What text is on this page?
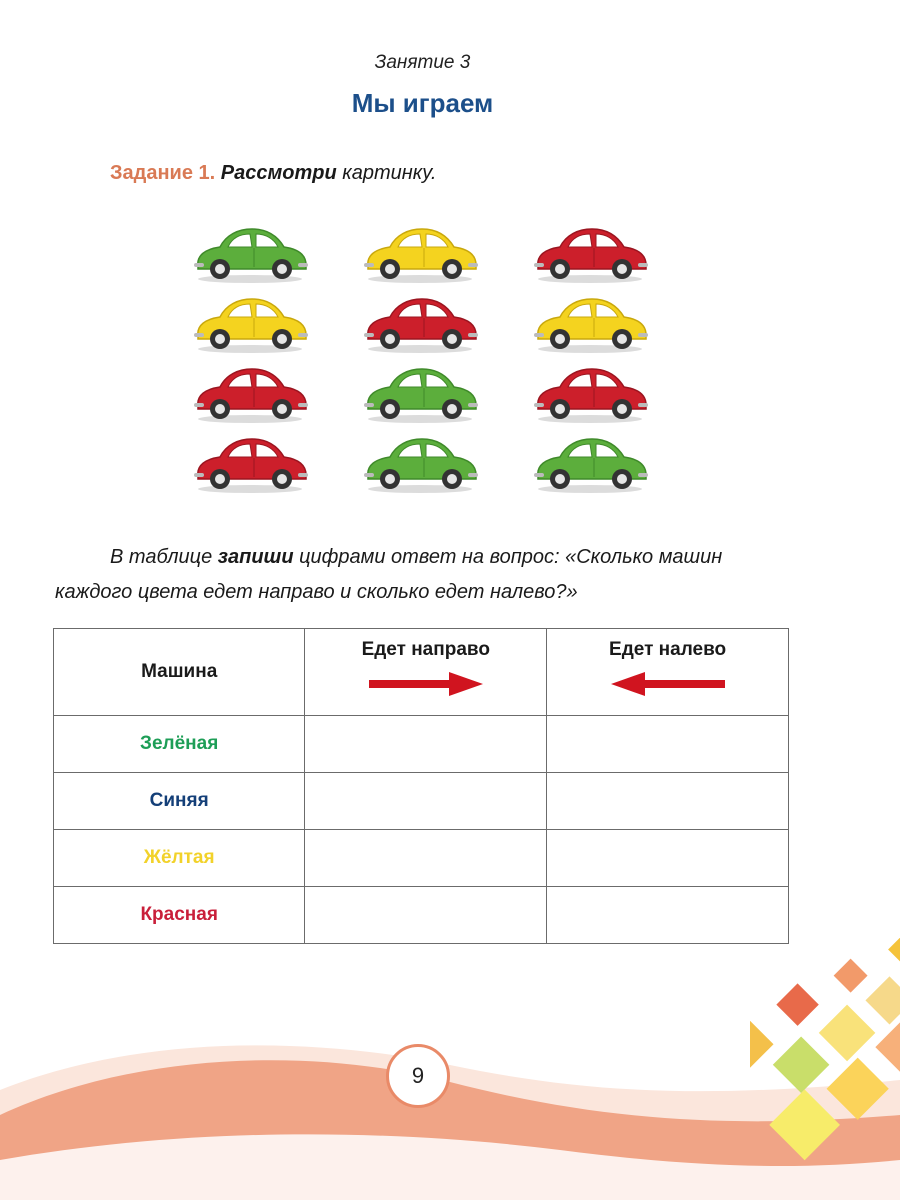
Занятие 3
Мы играем
Задание 1. Рассмотри картинку.
В таблице запиши цифрами ответ на вопрос: «Сколько машин
каждого цвета едет направо и сколько едет налево?»
Машина	Едет направо	Едет налево

Зелёная		
Синяя		
Жёлтая		
Красная		
9
